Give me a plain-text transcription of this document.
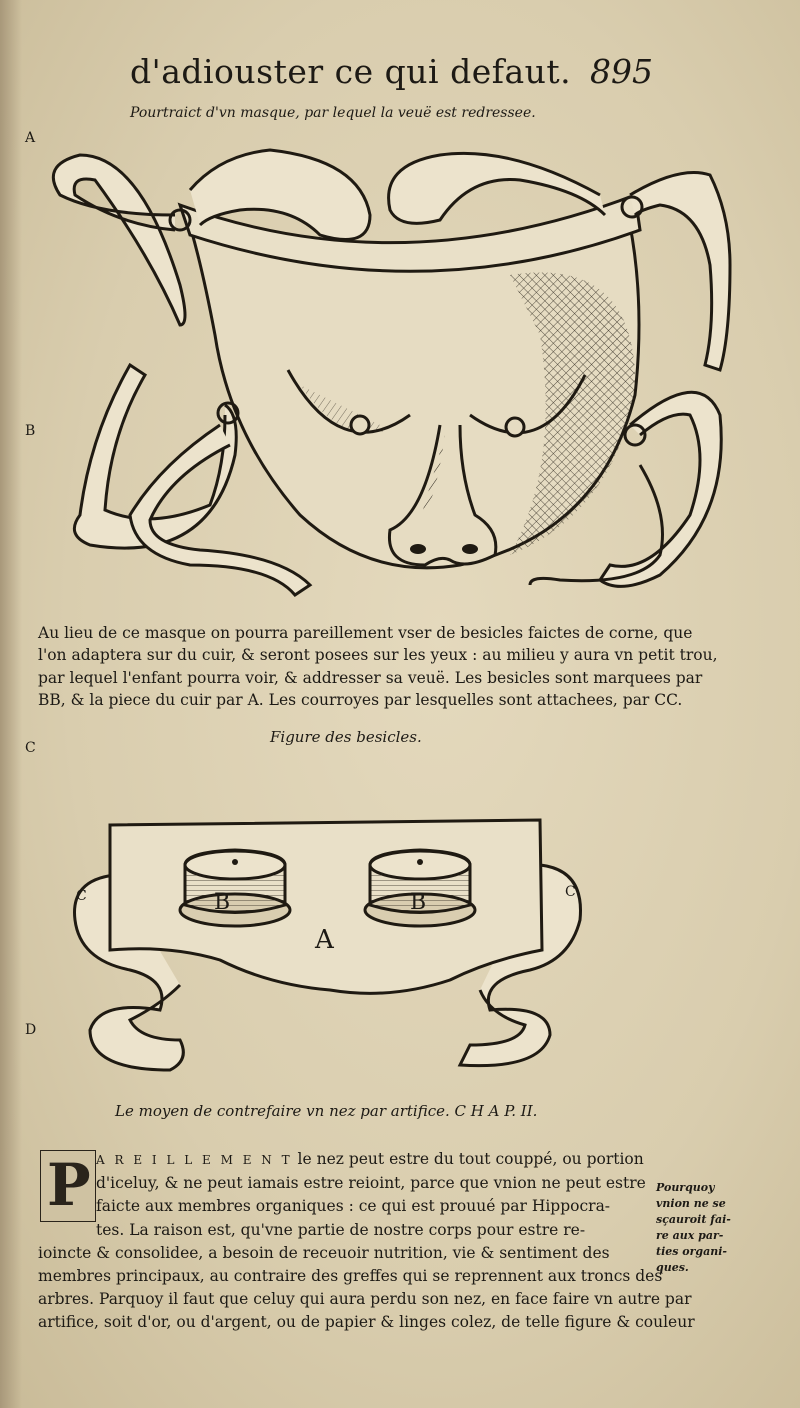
d'adiouster ce qui defaut. 895
Pourtraict d'vn masque, par lequel la veuë est redressee.
A
B
C
D
Au lieu de ce masque on pourra pareillement vser de besicles faictes de corne, que
l'on adaptera sur du cuir, & seront posees sur les yeux : au milieu y aura vn petit trou,
par lequel l'enfant pourra voir, & addresser sa veuë. Les besicles sont marquees par
BB, & la piece du cuir par A. Les courroyes par lesquelles sont attachees, par CC.
Figure des besicles.
B	B
A
C	C
Le moyen de contrefaire vn nez par artifice. C H A P. II.
P A R E I L L E M E N T le nez peut estre du tout couppé, ou portion
d'iceluy, & ne peut iamais estre reioint, parce que vnion ne peut estre
faicte aux membres organiques : ce qui est prouué par Hippocra-
tes. La raison est, qu'vne partie de nostre corps pour estre re-
ioincte & consolidee, a besoin de receuoir nutrition, vie & sentiment des
membres principaux, au contraire des greffes qui se reprennent aux troncs des
arbres. Parquoy il faut que celuy qui aura perdu son nez, en face faire vn autre par
artifice, soit d'or, ou d'argent, ou de papier & linges colez, de telle figure & couleur
Pourquoy
vnion ne se
sçauroit fai-
re aux par-
ties organi-
ques.
